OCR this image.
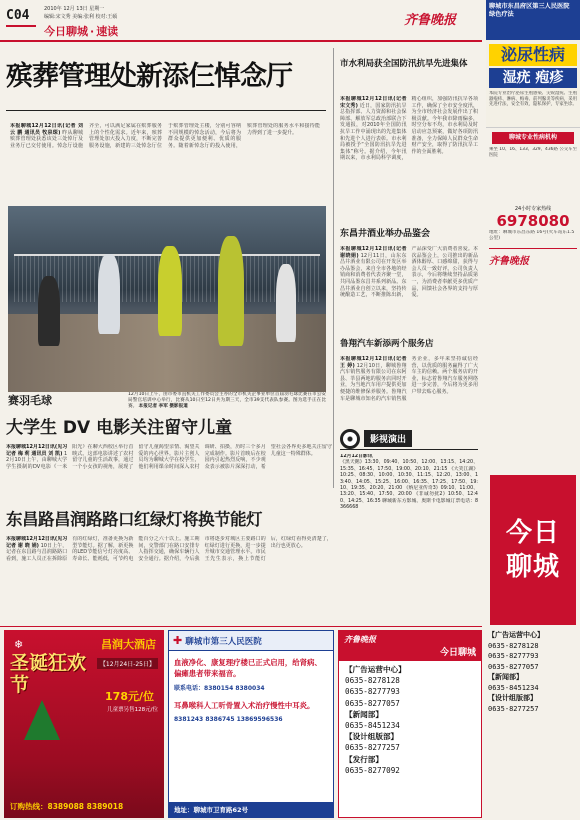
C04	2010年 12月 13日 星期一
编辑:宋文秀 美编:张利 校对:王硕
今日聊城 · 速读
齐鲁晚报
殡葬管理处新添仨悼念厅
本报聊城12月12日讯(记者 刘 云 鹏 通讯员 牧泉琛) 昨从聊城殡葬管理处获悉该处三处悼厅及业务厅已交付使用。悼念厅设施齐全，可以满足家属在殡葬服务上的个性化需求。近年来，殡葬管理处加大投入力度，不断完善服务设施，新建的三处悼念厅位于殡葬管理处主楼，分别可容纳不同规模的悼念活动，今后将为群众提供更加便利、优质的服务。随着新悼念厅的投入使用，殡葬管理处的服务水平和接待能力得到了进一步提升。
赛羽毛球	12月10日上午，由市委市直机关工作委员会主办的全市机关企事业单位首届羽毛球比赛在市公安局警官培训中心举行，比赛从10日至12日共为期三天，全市39支代表队参赛。图为选手正在比赛。 本报记者 李军 摄影报道
市水利局获全国防汛抗旱先进集体
本报聊城12月12日讯(记者 宋文秀) 近日，国家防汛抗旱总指挥部、人力资源和社会保障部、解放军总政治部联合下发通报，对2010年全国防汛抗旱工作中涌现出的先进集体和先进个人进行表彰。市水利局被授予“全国防汛抗旱先进集体”称号。据介绍，今年汛期以来，市水利局科学调度，精心组织，加强防汛抗旱各项工作，确保了全市安全度汛，为全市经济社会发展作出了积极贡献。今年我市降雨偏多，时空分布不均，市水利局及时启动应急预案，做好各项防汛准备，全力保障人民群众生命财产安全，取得了防汛抗旱工作的全面胜利。
东昌井酒业举办品鉴会
本报聊城12月12日讯(记者 谢晓娟) 12月11日，山东东昌井酒业有限公司在开发区举办品鉴会，来自全市各地的经销商和消费者代表齐聚一堂，共同品鉴东昌井系列新品。东昌井酒业自创立以来，坚持传统酿造工艺，不断推陈出新，产品深受广大消费者喜爱。本次品鉴会上，公司推出的新品酒体醇厚、口感绵甜，获得与会人员一致好评。公司负责人表示，今后将继续坚持品质第一，为消费者奉献更多优质产品，回馈社会各界的支持与厚爱。
鲁翔汽车新添两个服务店
本报聊城12月12日讯(记者 王 婷) 12月10日，聊城鲁翔汽车销售服务有限公司在东阿县、莘县两地的服务店同时开业，为当地汽车用户提供更加便捷的维修保养服务。鲁翔汽车是聊城市知名的汽车销售服务企业，多年来坚持诚信经营，以优质的服务赢得了广大车主的信赖。两个服务店的开业，标志着鲁翔汽车服务网络进一步完善，今后将为更多用户带去贴心服务。
影视演出
12月12日影讯
《黑天鹅》13:30、09:40、10:50、12:00、13:15、14:20、15:35、16:45、17:50、19:00、20:10、21:15 《大笑江湖》10:25、08:30、10:00、10:30、11:15、12:20、13:00、13:40、14:05、15:25、16:00、16:35、17:25、17:50、19:10、19:35、20:20、21:00 《纳尼亚传奇3》09:10、11:00、13:20、15:40、17:50、20:00 《非诚勿扰2》10:50、12:40、14:25、16:35 聊城新东方影城、奥斯卡电影城订票电话：8366668
大学生 DV 电影关注留守儿童
本报聊城12月12日讯(见习记者 梅 莉 通讯员 刘 凯) 12月10日上午，由聊城大学学生摄制的DV电影《一米阳光》在聊大西校区举行首映式。这部电影讲述了农村留守儿童的生活故事，通过一个小女孩的视角，展现了留守儿童渴望亲情、渴望关爱的内心世界。影片主创人员均为聊城大学在校学生，他们利用课余时间深入农村调研、拍摄，历时三个多月完成制作。影片首映后在校园内引起热烈反响，不少观众表示被影片深深打动，希望社会各界更多地关注留守儿童这一特殊群体。
东昌路昌润路路口红绿灯将换节能灯
本报聊城12月12日讯(见习记者 谢 晓 娟) 10日上午，记者在东昌路与昌润路路口看到，施工人员正在拆除原有的红绿灯，准备更换为新型节能灯。据了解，新更换的LED节能信号灯亮度高、寿命长、能耗低，可节约电能百分之六十以上。施工期间，交警部门在路口安排专人指挥交通，确保车辆行人安全通行。据介绍，今后我市将逐步对城区主要路口的红绿灯进行更换，进一步提升城市交通管理水平。市民王先生表示，换上节能灯后，红绿灯看得更清楚了，出行也更放心。
聊城市东昌府区第三人民医院 绿色疗法
泌尿性病
湿疣 疱疹
本院专业治疗泌尿生殖感染、尖锐湿疣、生殖器疱疹、淋病、梅毒、前列腺炎等疾病，采用先进疗法，安全有效，隐私保护，专家坐诊。
聊城专业性病机构
乘坐 10、16、133、329、436路 公交车至医院
24小时专家热线
6978080
地址：聊城市东昌东路 16号(火车站东1.5公里)
齐鲁晚报
今日聊城
【广告运营中心】
0635-8278128
0635-8277793
0635-8277057
【新闻部】
0635-8451234
【设计组版部】
0635-8277257
昌润大酒店
圣诞狂欢节
❄
【12月24日-25日】
178元/位
儿童票另售128元/位
订购热线：8389088 8389018
✚ 聊城市第三人民医院
血液净化、康复理疗楼已正式启用，给肾病、偏瘫患者带来福音。
联系电话：8380154 8380034
耳鼻喉科人工听骨置入术治疗慢性中耳炎。
8381243 8386745 13869596536
地址：聊城市卫育路62号
齐鲁晚报
今日聊城
【广告运营中心】
0635-8278128
0635-8277793
0635-8277057
【新闻部】
0635-8451234
【设计组版部】
0635-8277257
【发行部】
0635-8277092
